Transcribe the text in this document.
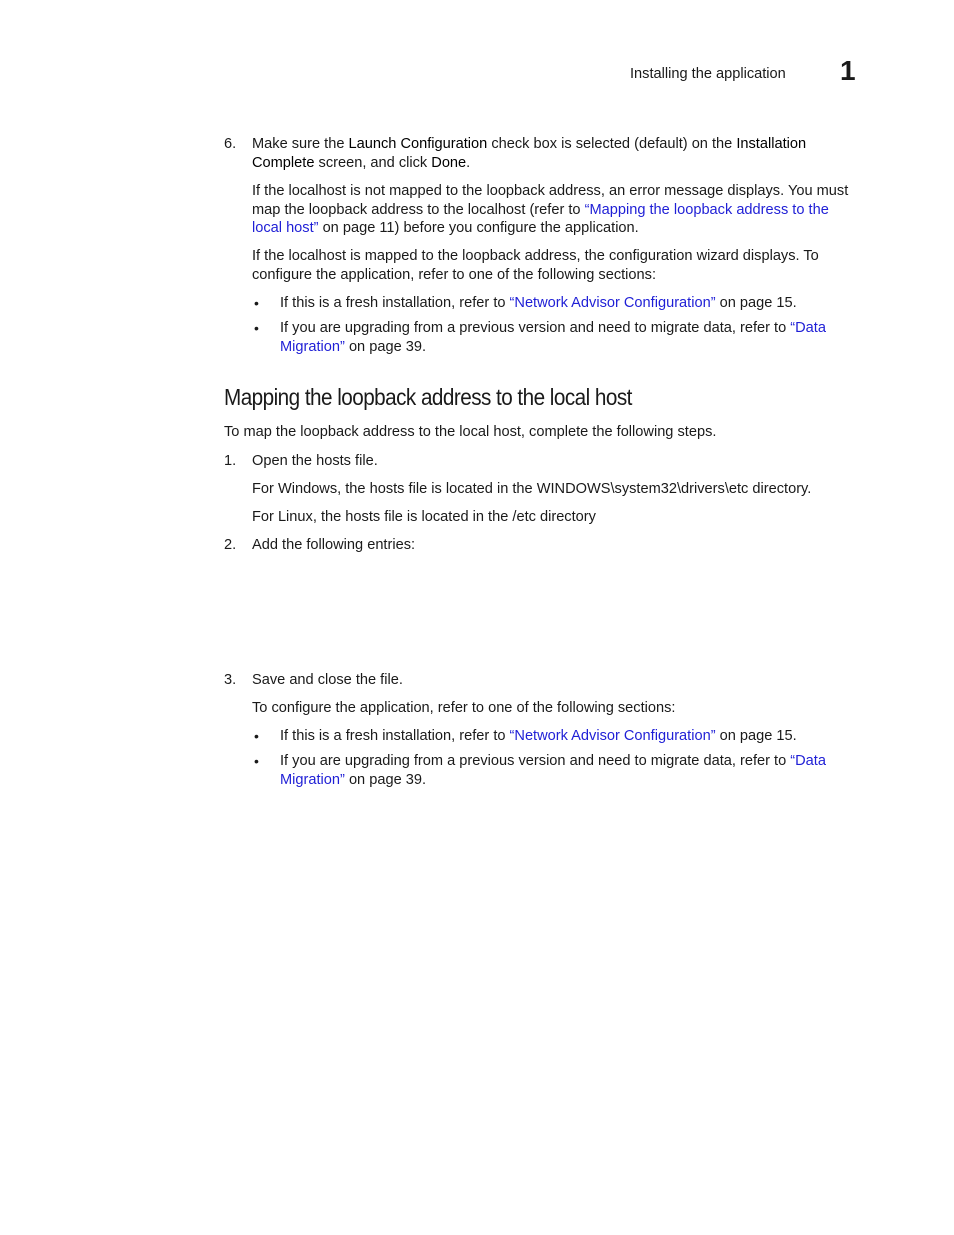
Installing the application 1
6. Make sure the Launch Configuration check box is selected (default) on the Installation
Complete screen, and click Done.
If the localhost is not mapped to the loopback address, an error message displays. You must
map the loopback address to the localhost (refer to “Mapping the loopback address to the
local host” on page 11) before you configure the application.
If the localhost is mapped to the loopback address, the configuration wizard displays. To
configure the application, refer to one of the following sections:
• If this is a fresh installation, refer to “Network Advisor Configuration” on page 15.
• If you are upgrading from a previous version and need to migrate data, refer to “Data
Migration” on page 39.
Mapping the loopback address to the local host
To map the loopback address to the local host, complete the following steps.
1. Open the hosts file.
For Windows, the hosts file is located in the WINDOWS\system32\drivers\etc directory.
For Linux, the hosts file is located in the /etc directory
2. Add the following entries:
3. Save and close the file.
To configure the application, refer to one of the following sections:
• If this is a fresh installation, refer to “Network Advisor Configuration” on page 15.
• If you are upgrading from a previous version and need to migrate data, refer to “Data
Migration” on page 39.
